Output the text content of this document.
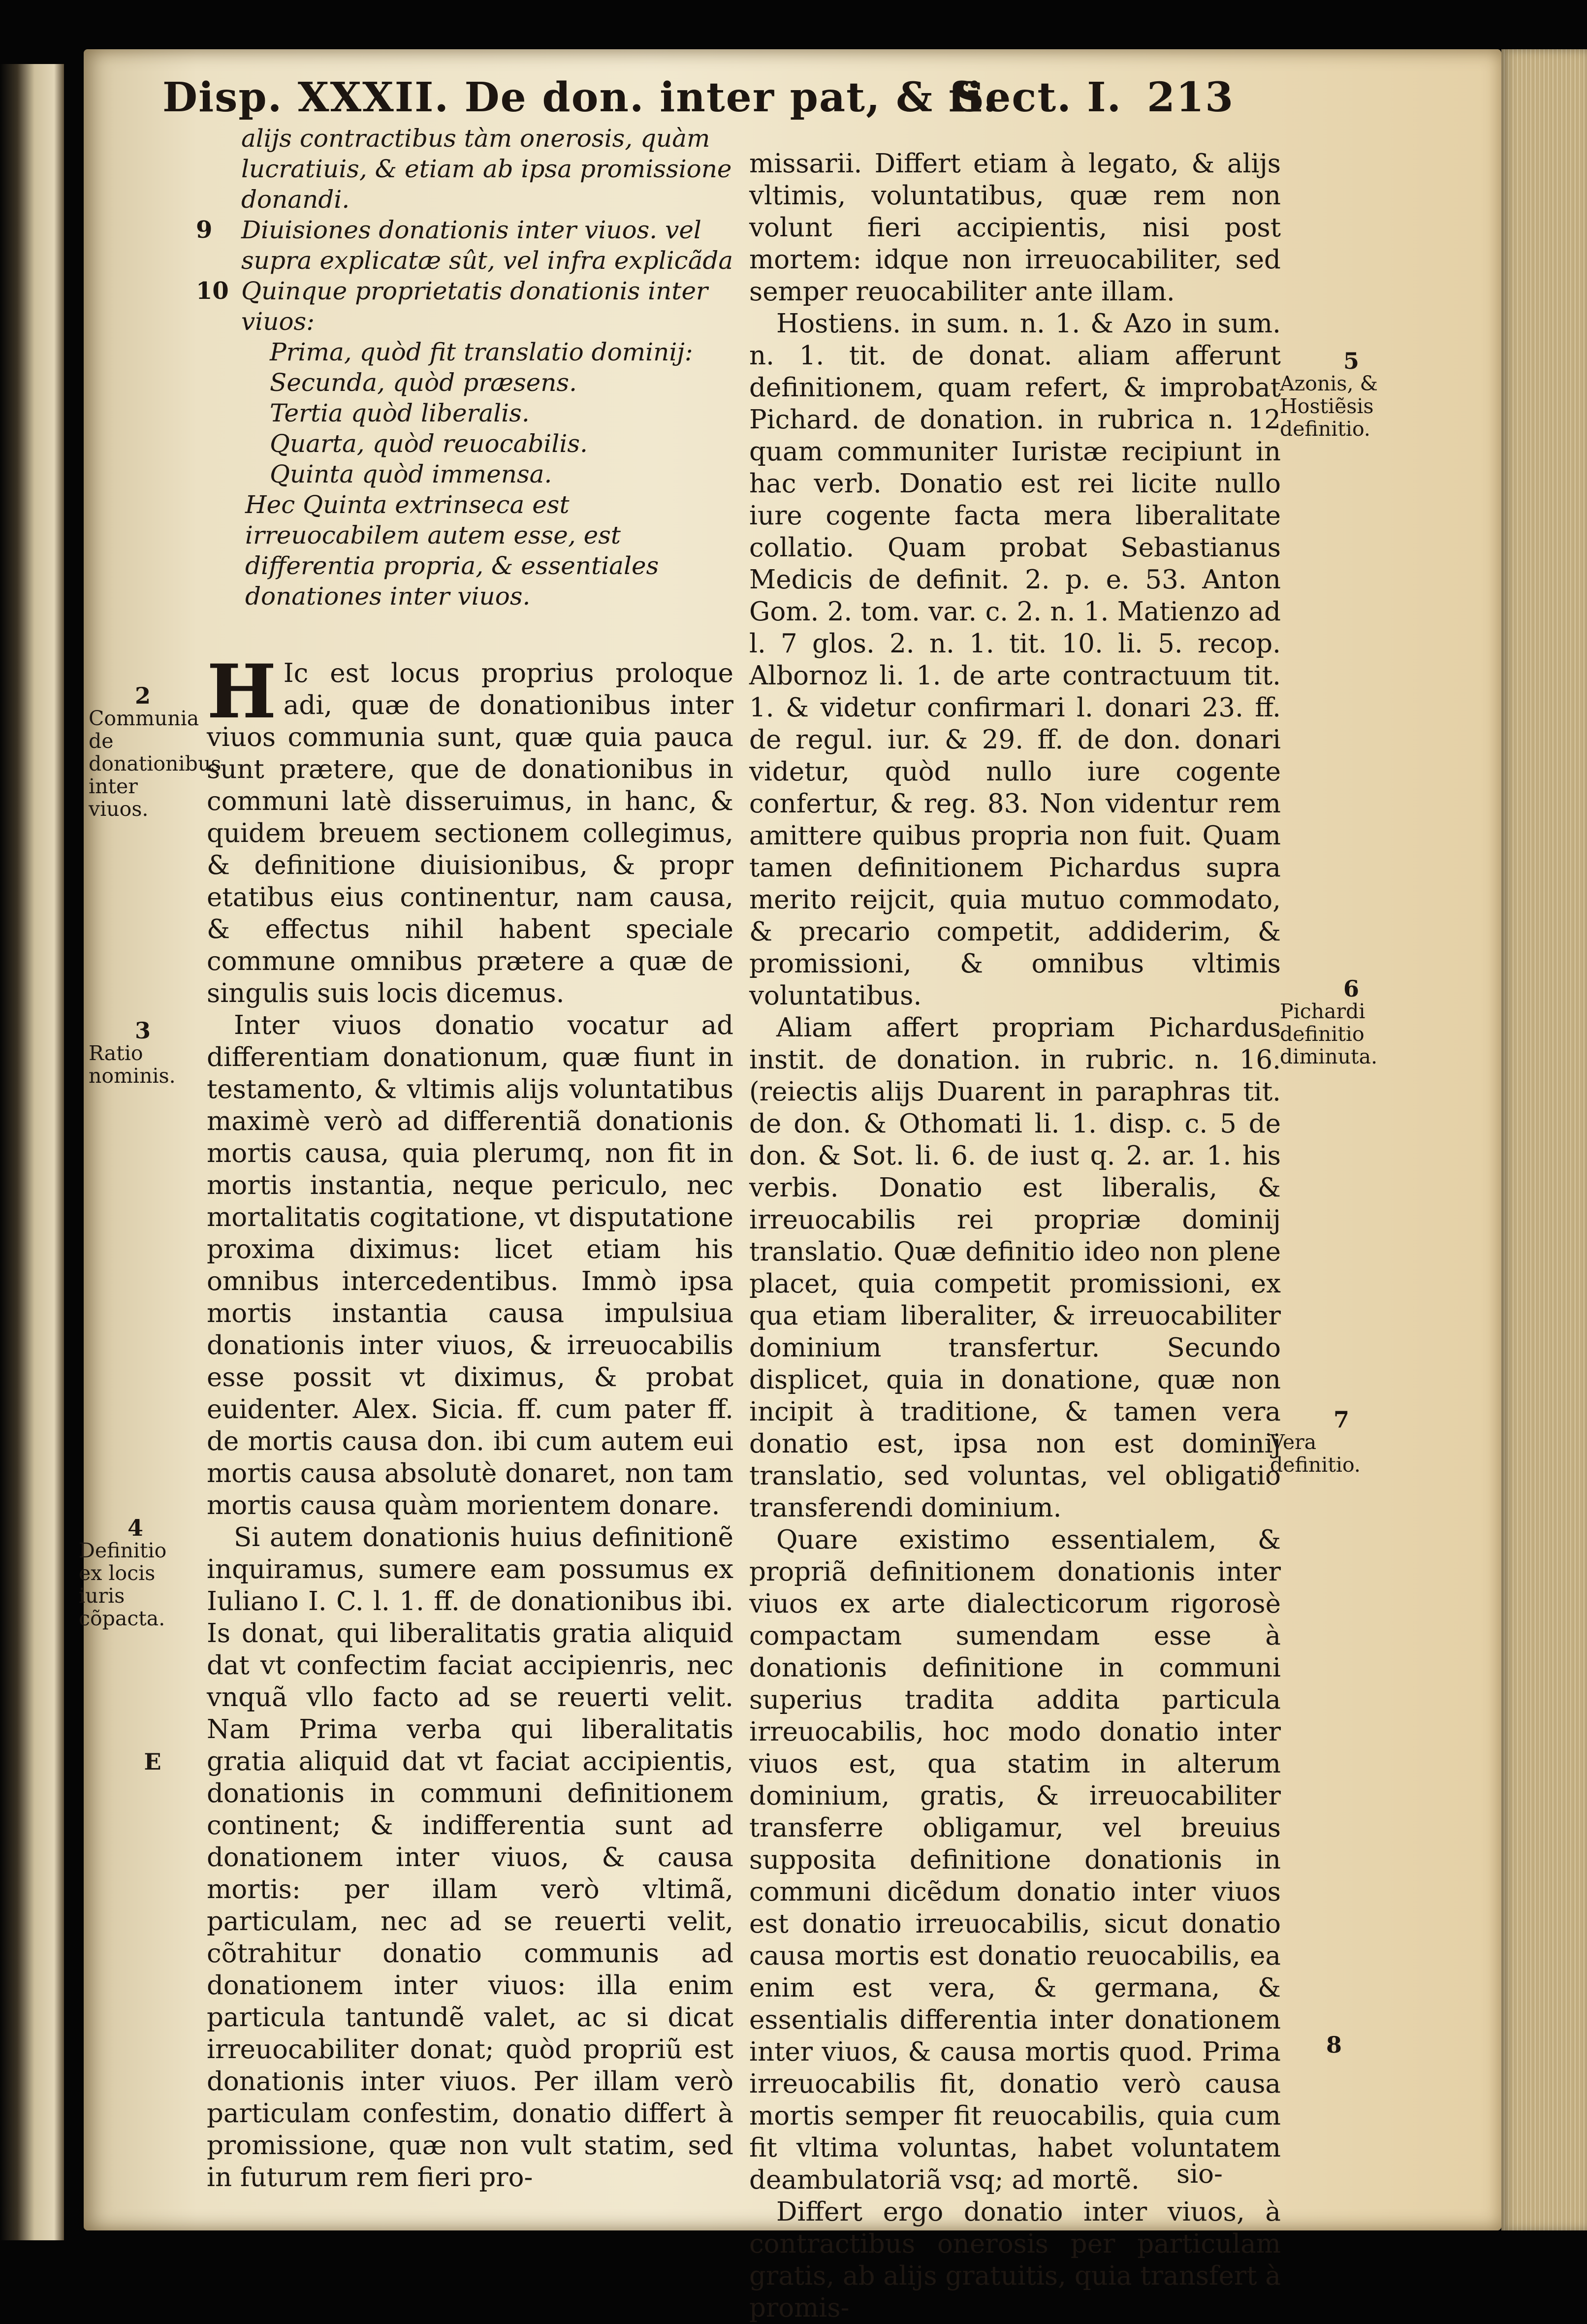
Disp. XXXII. De don. inter pat, & fi.
Sect. I. 213

alijs contractibus tàm onerosis, quàm lucratiuis, & etiam ab ipsa promissione donandi.

9 Diuisiones donationis inter viuos. vel supra explicatæ sût, vel infra explicãda

10 Quinque proprietatis donationis inter viuos:

Prima, quòd fit translatio dominij:
Secunda, quòd præsens.
Tertia quòd liberalis.
Quarta, quòd reuocabilis.
Quinta quòd immensa.

Hec Quinta extrinseca est irreuocabilem autem esse, est differentia propria, & essentiales donationes inter viuos.

H Ic est locus proprius proloque adi, quæ de donationibus inter viuos communia sunt, quæ quia pauca sunt prætere, que de donationibus in communi latè disseruimus, in hanc, & quidem breuem sectionem collegimus, & definitione diuisionibus, & propr etatibus eius continentur, nam causa, & effectus nihil habent speciale commune omnibus prætere a quæ de singulis suis locis dicemus.

Inter viuos donatio vocatur ad differentiam donationum, quæ fiunt in testamento, & vltimis alijs voluntatibus maximè verò ad differentiã donationis mortis causa, quia plerumq, non fit in mortis instantia, neque periculo, nec mortalitatis cogitatione, vt disputatione proxima diximus: licet etiam his omnibus intercedentibus. Immò ipsa mortis instantia causa impulsiua donationis inter viuos, & irreuocabilis esse possit vt diximus, & probat euidenter. Alex. Sicia. ff. cum pater ff. de mortis causa don. ibi cum autem eui mortis causa absolutè donaret, non tam mortis causa quàm morientem donare.

Si autem donationis huius definitionẽ inquiramus, sumere eam possumus ex Iuliano I. C. l. 1. ff. de donationibus ibi. Is donat, qui liberalitatis gratia aliquid dat vt confectim faciat accipienris, nec vnquã vllo facto ad se reuerti velit. Nam Prima verba qui liberalitatis gratia aliquid dat vt faciat accipientis, donationis in communi definitionem continent; & indifferentia sunt ad donationem inter viuos, & causa mortis: per illam verò vltimã, particulam, nec ad se reuerti velit, cõtrahitur donatio communis ad donationem inter viuos: illa enim particula tantundẽ valet, ac si dicat irreuocabiliter donat; quòd propriũ est donationis inter viuos. Per illam verò particulam confestim, donatio differt à promissione, quæ non vult statim, sed in futurum rem fieri pro-

missarii. Differt etiam à legato, & alijs vltimis, voluntatibus, quæ rem non volunt fieri accipientis, nisi post mortem: idque non irreuocabiliter, sed semper reuocabiliter ante illam.

Hostiens. in sum. n. 1. & Azo in sum. n. 1. tit. de donat. aliam afferunt definitionem, quam refert, & improbat Pichard. de donation. in rubrica n. 12 quam communiter Iuristæ recipiunt in hac verb. Donatio est rei licite nullo iure cogente facta mera liberalitate collatio. Quam probat Sebastianus Medicis de definit. 2. p. e. 53. Anton Gom. 2. tom. var. c. 2. n. 1. Matienzo ad l. 7 glos. 2. n. 1. tit. 10. li. 5. recop. Albornoz li. 1. de arte contractuum tit. 1. & videtur confirmari l. donari 23. ff. de regul. iur. & 29. ff. de don. donari videtur, quòd nullo iure cogente confertur, & reg. 83. Non videntur rem amittere quibus propria non fuit. Quam tamen definitionem Pichardus supra merito reijcit, quia mutuo commodato, & precario competit, addiderim, & promissioni, & omnibus vltimis voluntatibus.

Aliam affert propriam Pichardus instit. de donation. in rubric. n. 16. (reiectis alijs Duarent in paraphras tit. de don. & Othomati li. 1. disp. c. 5 de don. & Sot. li. 6. de iust q. 2. ar. 1. his verbis. Donatio est liberalis, & irreuocabilis rei propriæ dominij translatio. Quæ definitio ideo non plene placet, quia competit promissioni, ex qua etiam liberaliter, & irreuocabiliter dominium transfertur. Secundo displicet, quia in donatione, quæ non incipit à traditione, & tamen vera donatio est, ipsa non est dominij translatio, sed voluntas, vel obligatio transferendi dominium.

Quare existimo essentialem, & propriã definitionem donationis inter viuos ex arte dialecticorum rigorosè compactam sumendam esse à donationis definitione in communi superius tradita addita particula irreuocabilis, hoc modo donatio inter viuos est, qua statim in alterum dominium, gratis, & irreuocabiliter transferre obligamur, vel breuius supposita definitione donationis in communi dicẽdum donatio inter viuos est donatio irreuocabilis, sicut donatio causa mortis est donatio reuocabilis, ea enim est vera, & germana, & essentialis differentia inter donationem inter viuos, & causa mortis quod. Prima irreuocabilis fit, donatio verò causa mortis semper fit reuocabilis, quia cum fit vltima voluntas, habet voluntatem deambulatoriã vsq; ad mortẽ.

Differt ergo donatio inter viuos, à contractibus onerosis per particulam gratis, ab alijs gratuitis, quia transfert à promis-

sio-
2
Communia de donationibus inter viuos.
3
Ratio nominis.
4
Definitio ex locis iuris cõpacta.
5
Azonis, & Hostiẽsis definitio.
6
Pichardi definitio diminuta.
7
Vera definitio.
8
E
